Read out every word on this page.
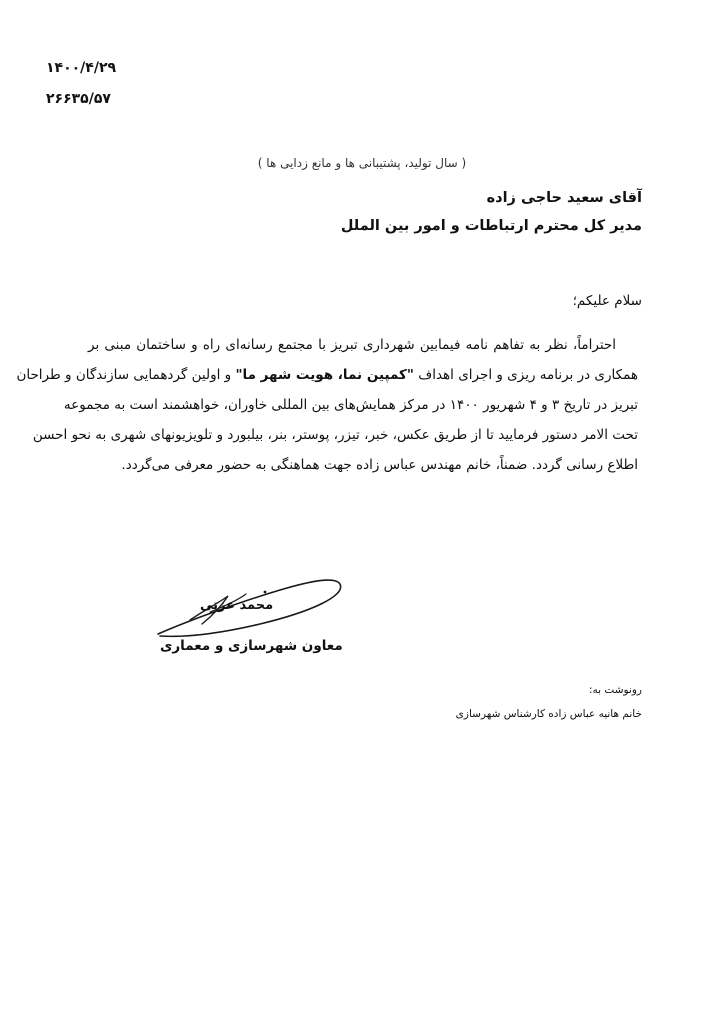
۱۴۰۰/۴/۲۹
۲۶۶۳۵/۵۷
( سال تولید، پشتیبانی ها و مانع زدایی ها )
آقای سعید حاجی زاده
مدیر کل محترم ارتباطات و امور بین الملل
سلام علیکم؛
احتراماً، نظر به تفاهم نامه فیمابین شهرداری تبریز با مجتمع رسانه‌ای راه و ساختمان مبنی بر
همکاری در برنامه ریزی و اجرای اهداف "کمپین نما، هویت شهر ما" و اولین گردهمایی سازندگان و طراحان
تبریز در تاریخ ۳ و ۴ شهریور ۱۴۰۰ در مرکز همایش‌های بین المللی خاوران، خواهشمند است به مجموعه
تحت الامر دستور فرمایید تا از طریق عکس، خبر، تیزر، پوستر، بنر، بیلبورد و تلویزیونهای شهری به نحو احسن
اطلاع رسانی گردد. ضمناً، خانم مهندس عباس زاده جهت هماهنگی به حضور معرفی می‌گردد.
محمد عزتی
معاون شهرسازی و معماری
رونوشت به:
خانم هانیه عباس زاده کارشناس شهرسازی
